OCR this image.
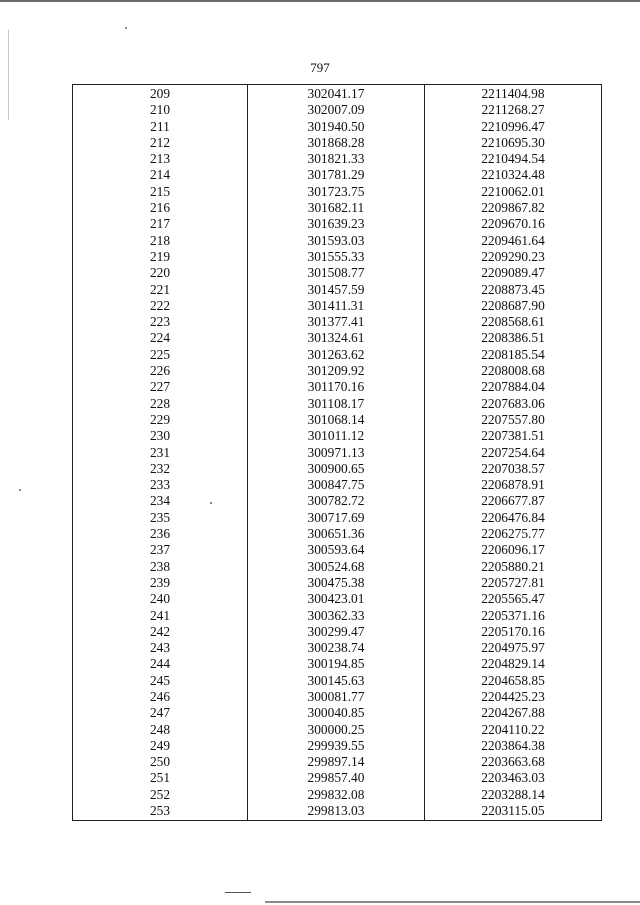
797
209	302041.17	2211404.98
210	302007.09	2211268.27
211	301940.50	2210996.47
212	301868.28	2210695.30
213	301821.33	2210494.54
214	301781.29	2210324.48
215	301723.75	2210062.01
216	301682.11	2209867.82
217	301639.23	2209670.16
218	301593.03	2209461.64
219	301555.33	2209290.23
220	301508.77	2209089.47
221	301457.59	2208873.45
222	301411.31	2208687.90
223	301377.41	2208568.61
224	301324.61	2208386.51
225	301263.62	2208185.54
226	301209.92	2208008.68
227	301170.16	2207884.04
228	301108.17	2207683.06
229	301068.14	2207557.80
230	301011.12	2207381.51
231	300971.13	2207254.64
232	300900.65	2207038.57
233	300847.75	2206878.91
234	300782.72	2206677.87
235	300717.69	2206476.84
236	300651.36	2206275.77
237	300593.64	2206096.17
238	300524.68	2205880.21
239	300475.38	2205727.81
240	300423.01	2205565.47
241	300362.33	2205371.16
242	300299.47	2205170.16
243	300238.74	2204975.97
244	300194.85	2204829.14
245	300145.63	2204658.85
246	300081.77	2204425.23
247	300040.85	2204267.88
248	300000.25	2204110.22
249	299939.55	2203864.38
250	299897.14	2203663.68
251	299857.40	2203463.03
252	299832.08	2203288.14
253	299813.03	2203115.05
